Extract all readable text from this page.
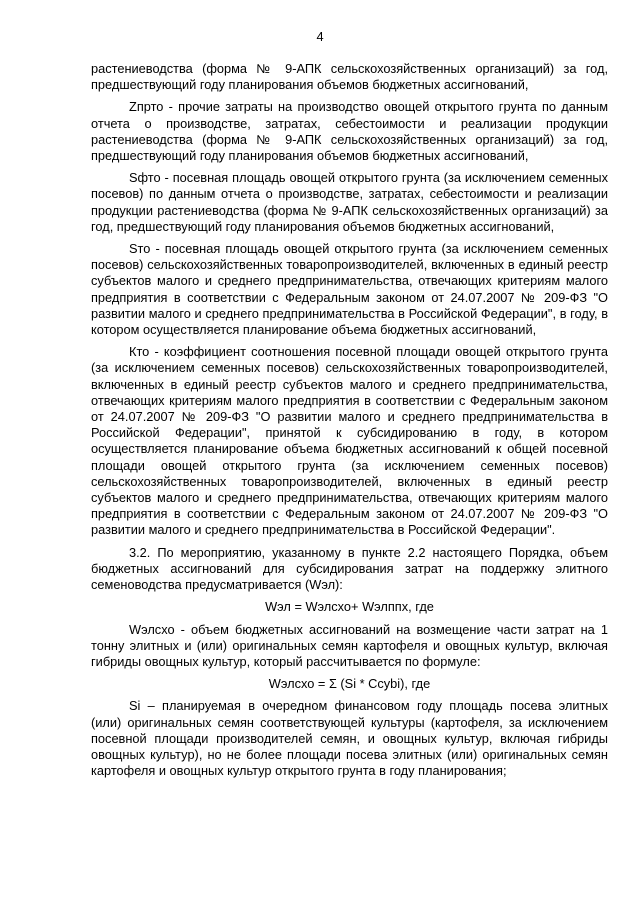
4

растениеводства (форма № 9-АПК сельскохозяйственных организаций) за год, предшествующий году планирования объемов бюджетных ассигнований,

Zпрто - прочие затраты на производство овощей открытого грунта по данным отчета о производстве, затратах, себестоимости и реализации продукции растениеводства (форма № 9-АПК сельскохозяйственных организаций) за год, предшествующий году планирования объемов бюджетных ассигнований,

Sфто - посевная площадь овощей открытого грунта (за исключением семенных посевов) по данным отчета о производстве, затратах, себестоимости и реализации продукции растениеводства (форма № 9-АПК сельскохозяйственных организаций) за год, предшествующий году планирования объемов бюджетных ассигнований,

Sто - посевная площадь овощей открытого грунта (за исключением семенных посевов) сельскохозяйственных товаропроизводителей, включенных в единый реестр субъектов малого и среднего предпринимательства, отвечающих критериям малого предприятия в соответствии с Федеральным законом от 24.07.2007 № 209-ФЗ "О развитии малого и среднего предпринимательства в Российской Федерации", в году, в котором осуществляется планирование объема бюджетных ассигнований,

Кто - коэффициент соотношения посевной площади овощей открытого грунта (за исключением семенных посевов) сельскохозяйственных товаропроизводителей, включенных в единый реестр субъектов малого и среднего предпринимательства, отвечающих критериям малого предприятия в соответствии с Федеральным законом от 24.07.2007 № 209-ФЗ "О развитии малого и среднего предпринимательства в Российской Федерации", принятой к субсидированию в году, в котором осуществляется планирование объема бюджетных ассигнований к общей посевной площади овощей открытого грунта (за исключением семенных посевов) сельскохозяйственных товаропроизводителей, включенных в единый реестр субъектов малого и среднего предпринимательства, отвечающих критериям малого предприятия в соответствии с Федеральным законом от 24.07.2007 № 209-ФЗ "О развитии малого и среднего предпринимательства в Российской Федерации".

3.2. По мероприятию, указанному в пункте 2.2 настоящего Порядка, объем бюджетных ассигнований для субсидирования затрат на поддержку элитного семеноводства предусматривается (Wэл):

Wэл = Wэлсхо+ Wэлппх, где

Wэлсхо - объем бюджетных ассигнований на возмещение части затрат на 1 тонну элитных и (или) оригинальных семян картофеля и овощных культур, включая гибриды овощных культур, который рассчитывается по формуле:

Wэлсхо = Σ (Si * Ccybi), где

Si – планируемая в очередном финансовом году площадь посева элитных (или) оригинальных семян соответствующей культуры (картофеля, за исключением посевной площади производителей семян, и овощных культур, включая гибриды овощных культур), но не более площади посева элитных (или) оригинальных семян картофеля и овощных культур открытого грунта в году планирования;
